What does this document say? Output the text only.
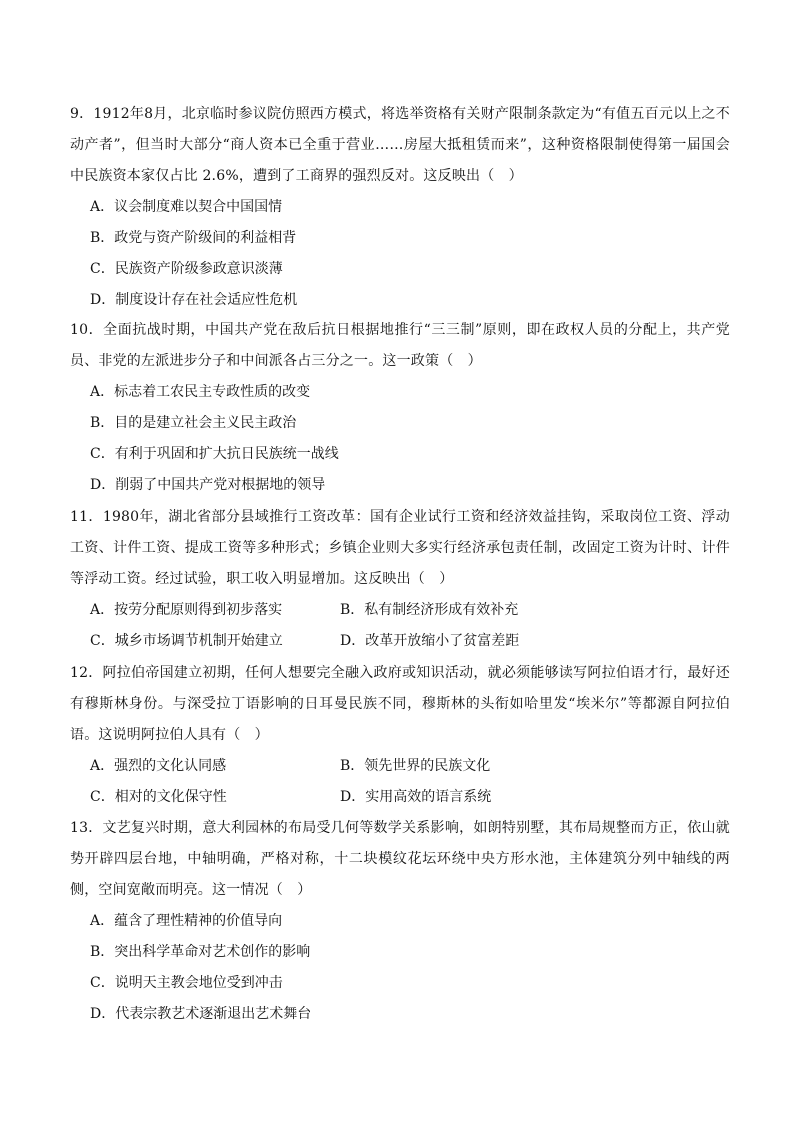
9．1912年8月，北京临时参议院仿照西方模式，将选举资格有关财产限制条款定为“有值五百元以上之不动产者”，但当时大部分“商人资本已全重于营业……房屋大抵租赁而来”，这种资格限制使得第一届国会中民族资本家仅占比 2.6%，遭到了工商界的强烈反对。这反映出（　）

A．议会制度难以契合中国国情

B．政党与资产阶级间的利益相背

C．民族资产阶级参政意识淡薄

D．制度设计存在社会适应性危机

10．全面抗战时期，中国共产党在敌后抗日根据地推行“三三制”原则，即在政权人员的分配上，共产党员、非党的左派进步分子和中间派各占三分之一。这一政策（　）

A．标志着工农民主专政性质的改变

B．目的是建立社会主义民主政治

C．有利于巩固和扩大抗日民族统一战线

D．削弱了中国共产党对根据地的领导

11．1980年，湖北省部分县域推行工资改革：国有企业试行工资和经济效益挂钩，采取岗位工资、浮动工资、计件工资、提成工资等多种形式；乡镇企业则大多实行经济承包责任制，改固定工资为计时、计件等浮动工资。经过试验，职工收入明显增加。这反映出（　）

A．按劳分配原则得到初步落实	B．私有制经济形成有效补充
C．城乡市场调节机制开始建立	D．改革开放缩小了贫富差距

12．阿拉伯帝国建立初期，任何人想要完全融入政府或知识活动，就必须能够读写阿拉伯语才行，最好还有穆斯林身份。与深受拉丁语影响的日耳曼民族不同，穆斯林的头衔如哈里发“埃米尔”等都源自阿拉伯语。这说明阿拉伯人具有（　）

A．强烈的文化认同感	B．领先世界的民族文化
C．相对的文化保守性	D．实用高效的语言系统

13．文艺复兴时期，意大利园林的布局受几何等数学关系影响，如朗特别墅，其布局规整而方正，依山就势开辟四层台地，中轴明确，严格对称，十二块模纹花坛环绕中央方形水池，主体建筑分列中轴线的两侧，空间宽敞而明亮。这一情况（　）

A．蕴含了理性精神的价值导向

B．突出科学革命对艺术创作的影响

C．说明天主教会地位受到冲击

D．代表宗教艺术逐渐退出艺术舞台
